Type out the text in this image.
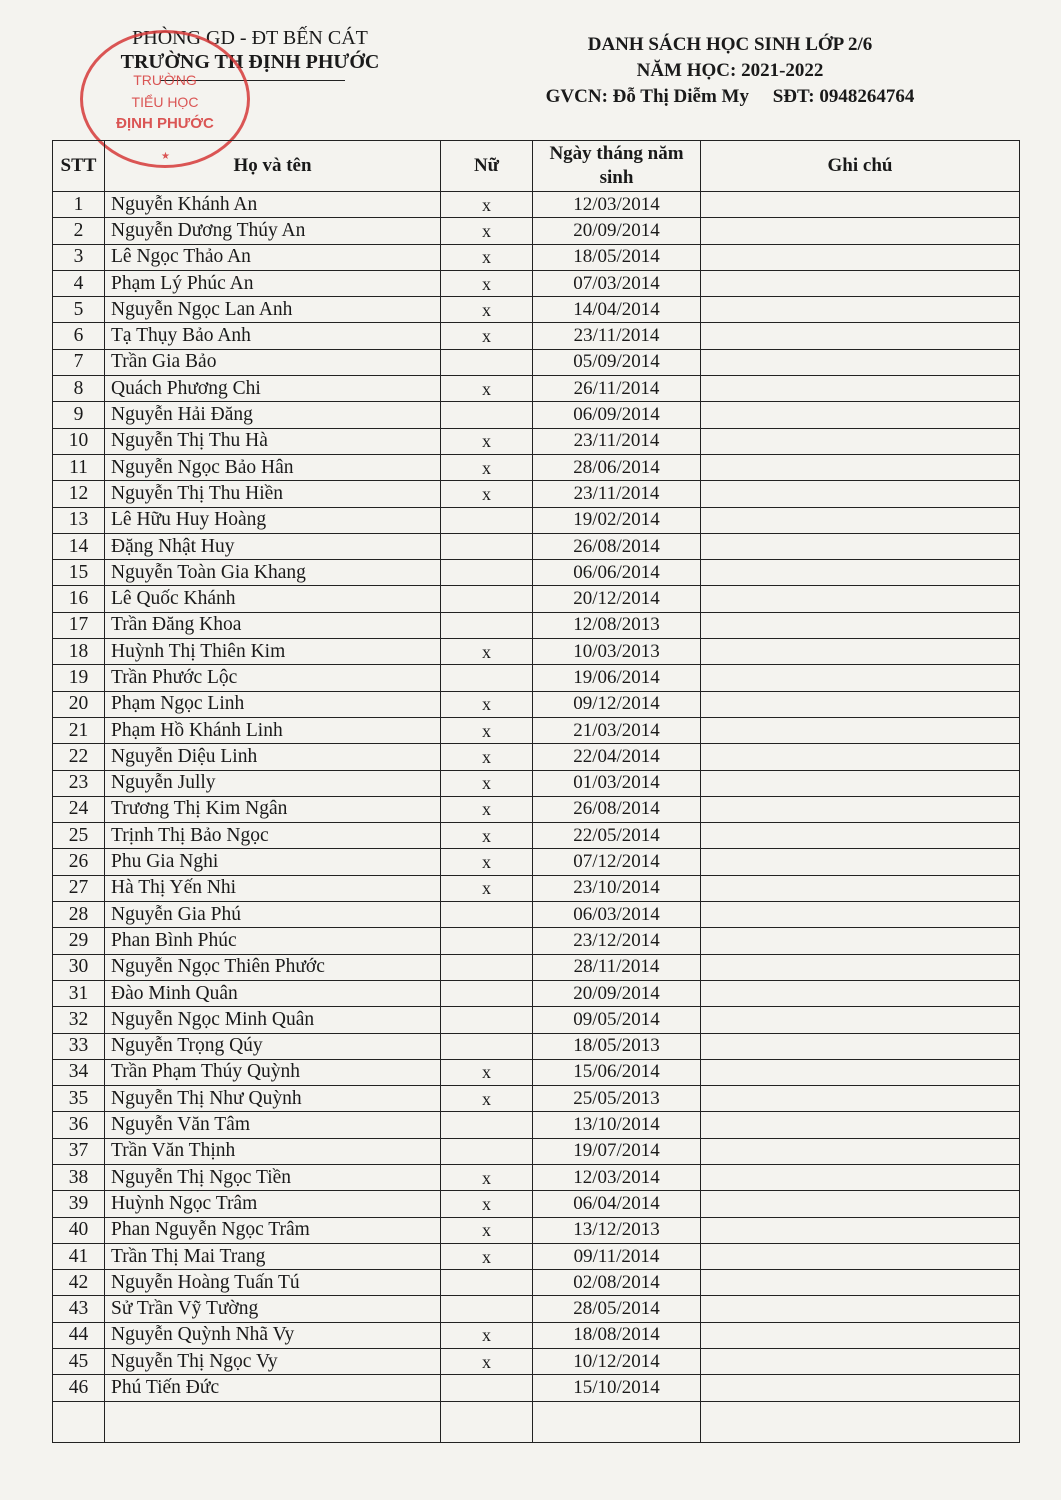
PHÒNG GD - ĐT BẾN CÁT
TRƯỜNG TH ĐỊNH PHƯỚC
TRƯỜNG
TIỂU HỌC
ĐỊNH PHƯỚC
★
DANH SÁCH HỌC SINH LỚP 2/6
NĂM HỌC: 2021-2022
GVCN: Đỗ Thị Diễm My     SĐT: 0948264764
STT	Họ và tên	Nữ	Ngày tháng năm sinh	Ghi chú
1	Nguyễn Khánh An	x	12/03/2014	
2	Nguyễn Dương Thúy An	x	20/09/2014	
3	Lê Ngọc Thảo An	x	18/05/2014	
4	Phạm Lý Phúc An	x	07/03/2014	
5	Nguyễn Ngọc Lan Anh	x	14/04/2014	
6	Tạ Thụy Bảo Anh	x	23/11/2014	
7	Trần Gia Bảo		05/09/2014	
8	Quách Phương Chi	x	26/11/2014	
9	Nguyễn Hải Đăng		06/09/2014	
10	Nguyễn Thị Thu Hà	x	23/11/2014	
11	Nguyễn Ngọc Bảo Hân	x	28/06/2014	
12	Nguyễn Thị Thu Hiền	x	23/11/2014	
13	Lê Hữu Huy Hoàng		19/02/2014	
14	Đặng Nhật Huy		26/08/2014	
15	Nguyễn Toàn Gia Khang		06/06/2014	
16	Lê Quốc Khánh		20/12/2014	
17	Trần Đăng Khoa		12/08/2013	
18	Huỳnh Thị Thiên Kim	x	10/03/2013	
19	Trần Phước Lộc		19/06/2014	
20	Phạm Ngọc Linh	x	09/12/2014	
21	Phạm Hồ Khánh Linh	x	21/03/2014	
22	Nguyễn Diệu Linh	x	22/04/2014	
23	Nguyễn Jully	x	01/03/2014	
24	Trương Thị Kim Ngân	x	26/08/2014	
25	Trịnh Thị Bảo Ngọc	x	22/05/2014	
26	Phu Gia Nghi	x	07/12/2014	
27	Hà Thị Yến Nhi	x	23/10/2014	
28	Nguyễn Gia Phú		06/03/2014	
29	Phan Bình Phúc		23/12/2014	
30	Nguyễn Ngọc Thiên Phước		28/11/2014	
31	Đào Minh Quân		20/09/2014	
32	Nguyễn Ngọc Minh Quân		09/05/2014	
33	Nguyễn Trọng Qúy		18/05/2013	
34	Trần Phạm Thúy Quỳnh	x	15/06/2014	
35	Nguyễn Thị Như Quỳnh	x	25/05/2013	
36	Nguyễn Văn Tâm		13/10/2014	
37	Trần Văn Thịnh		19/07/2014	
38	Nguyễn Thị Ngọc Tiền	x	12/03/2014	
39	Huỳnh Ngọc Trâm	x	06/04/2014	
40	Phan Nguyễn Ngọc Trâm	x	13/12/2013	
41	Trần Thị Mai Trang	x	09/11/2014	
42	Nguyễn Hoàng Tuấn Tú		02/08/2014	
43	Sử Trần Vỹ Tường		28/05/2014	
44	Nguyễn Quỳnh Nhã Vy	x	18/08/2014	
45	Nguyễn Thị Ngọc Vy	x	10/12/2014	
46	Phú Tiến Đức		15/10/2014	
